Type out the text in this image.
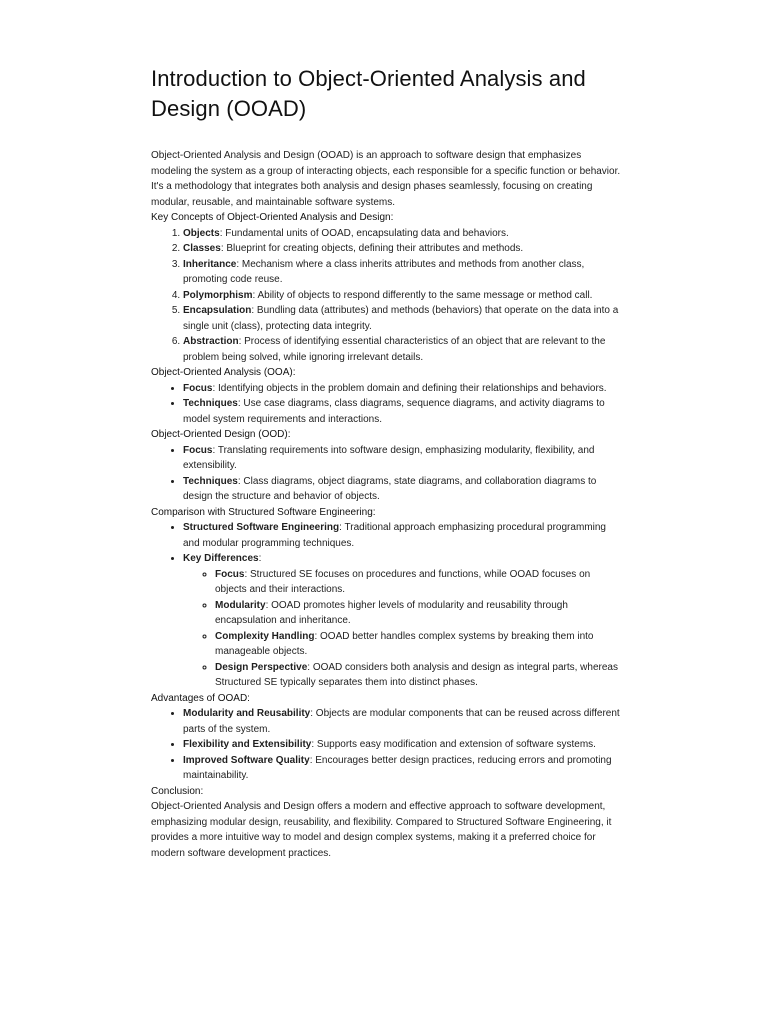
Introduction to Object-Oriented Analysis and Design (OOAD)

Object-Oriented Analysis and Design (OOAD) is an approach to software design that emphasizes modeling the system as a group of interacting objects, each responsible for a specific function or behavior. It's a methodology that integrates both analysis and design phases seamlessly, focusing on creating modular, reusable, and maintainable software systems.

Key Concepts of Object-Oriented Analysis and Design:

1. Objects: Fundamental units of OOAD, encapsulating data and behaviors.
2. Classes: Blueprint for creating objects, defining their attributes and methods.
3. Inheritance: Mechanism where a class inherits attributes and methods from another class, promoting code reuse.
4. Polymorphism: Ability of objects to respond differently to the same message or method call.
5. Encapsulation: Bundling data (attributes) and methods (behaviors) that operate on the data into a single unit (class), protecting data integrity.
6. Abstraction: Process of identifying essential characteristics of an object that are relevant to the problem being solved, while ignoring irrelevant details.

Object-Oriented Analysis (OOA):

• Focus: Identifying objects in the problem domain and defining their relationships and behaviors.
• Techniques: Use case diagrams, class diagrams, sequence diagrams, and activity diagrams to model system requirements and interactions.

Object-Oriented Design (OOD):

• Focus: Translating requirements into software design, emphasizing modularity, flexibility, and extensibility.
• Techniques: Class diagrams, object diagrams, state diagrams, and collaboration diagrams to design the structure and behavior of objects.

Comparison with Structured Software Engineering:

• Structured Software Engineering: Traditional approach emphasizing procedural programming and modular programming techniques.
• Key Differences:
◦ Focus: Structured SE focuses on procedures and functions, while OOAD focuses on objects and their interactions.
◦ Modularity: OOAD promotes higher levels of modularity and reusability through encapsulation and inheritance.
◦ Complexity Handling: OOAD better handles complex systems by breaking them into manageable objects.
◦ Design Perspective: OOAD considers both analysis and design as integral parts, whereas Structured SE typically separates them into distinct phases.

Advantages of OOAD:

• Modularity and Reusability: Objects are modular components that can be reused across different parts of the system.
• Flexibility and Extensibility: Supports easy modification and extension of software systems.
• Improved Software Quality: Encourages better design practices, reducing errors and promoting maintainability.

Conclusion:

Object-Oriented Analysis and Design offers a modern and effective approach to software development, emphasizing modular design, reusability, and flexibility. Compared to Structured Software Engineering, it provides a more intuitive way to model and design complex systems, making it a preferred choice for modern software development practices.
